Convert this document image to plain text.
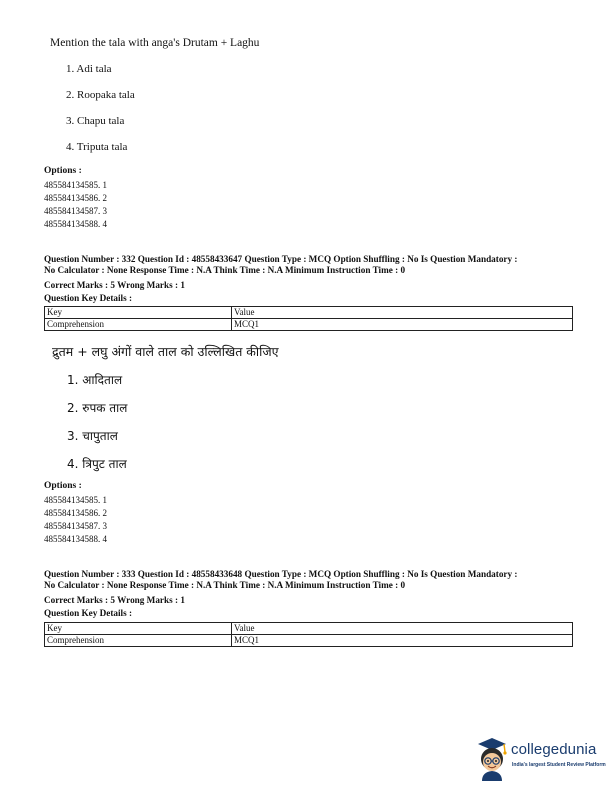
Mention the tala with anga's Drutam + Laghu
1. Adi tala
2. Roopaka tala
3. Chapu tala
4. Triputa tala
Options :
485584134585. 1
485584134586. 2
485584134587. 3
485584134588. 4
Question Number : 332 Question Id : 48558433647 Question Type : MCQ Option Shuffling : No Is Question Mandatory :
No Calculator : None Response Time : N.A Think Time : N.A Minimum Instruction Time : 0
Correct Marks : 5 Wrong Marks : 1
Question Key Details :
Key	Value
Comprehension	MCQ1
द्रुतम + लघु अंगों वाले ताल को उल्लिखित कीजिए
1. आदिताल
2. रुपक ताल
3. चापुताल
4. त्रिपुट ताल
Options :
485584134585. 1
485584134586. 2
485584134587. 3
485584134588. 4
Question Number : 333 Question Id : 48558433648 Question Type : MCQ Option Shuffling : No Is Question Mandatory :
No Calculator : None Response Time : N.A Think Time : N.A Minimum Instruction Time : 0
Correct Marks : 5 Wrong Marks : 1
Question Key Details :
Key	Value
Comprehension	MCQ1
collegedunia
India's largest Student Review Platform
